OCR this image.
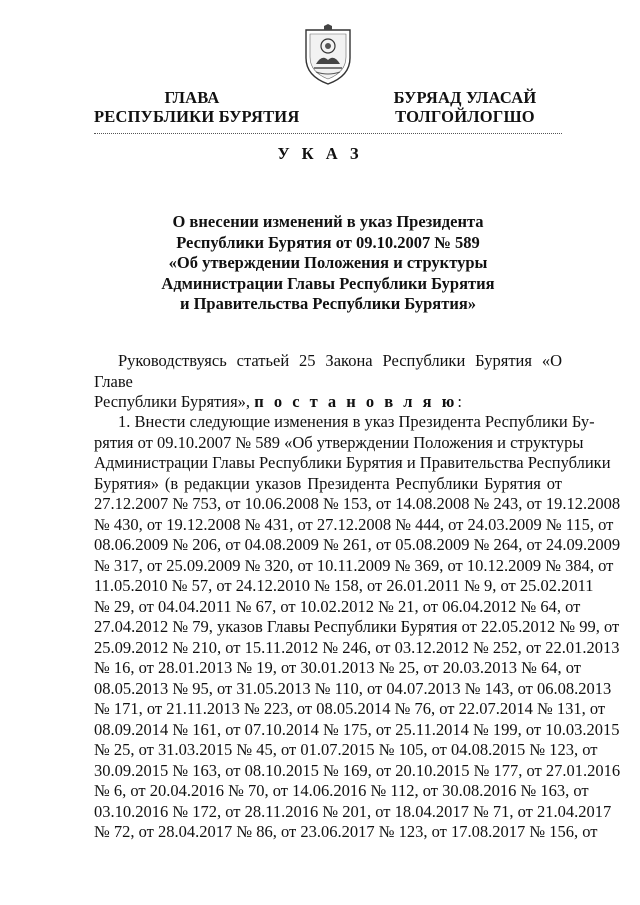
ГЛАВА
РЕСПУБЛИКИ БУРЯТИЯ
БУРЯАД УЛАСАЙ
ТОЛГОЙЛОГШО
У К А З
О внесении изменений в указ Президента
Республики Бурятия от 09.10.2007 № 589
«Об утверждении Положения и структуры
Администрации Главы Республики Бурятия
и Правительства Республики Бурятия»
Руководствуясь статьей 25 Закона Республики Бурятия «О Главе
Республики Бурятия», п о с т а н о в л я ю:
1. Внести следующие изменения в указ Президента Республики Бу-
рятия от 09.10.2007 № 589 «Об утверждении Положения и структуры
Администрации Главы Республики Бурятия и Правительства Республики
Бурятия» (в редакции указов Президента Республики Бурятия от
27.12.2007 № 753, от 10.06.2008 № 153, от 14.08.2008 № 243, от 19.12.2008
№ 430, от 19.12.2008 № 431, от 27.12.2008 № 444, от 24.03.2009 № 115, от
08.06.2009 № 206, от 04.08.2009 № 261, от 05.08.2009 № 264, от 24.09.2009
№ 317, от 25.09.2009 № 320, от 10.11.2009 № 369, от 10.12.2009 № 384, от
11.05.2010 № 57, от 24.12.2010 № 158, от 26.01.2011 № 9, от 25.02.2011
№ 29, от 04.04.2011 № 67, от 10.02.2012 № 21, от 06.04.2012 № 64, от
27.04.2012 № 79, указов Главы Республики Бурятия от 22.05.2012 № 99, от
25.09.2012 № 210, от 15.11.2012 № 246, от 03.12.2012 № 252, от 22.01.2013
№ 16, от 28.01.2013 № 19, от 30.01.2013 № 25, от 20.03.2013 № 64, от
08.05.2013 № 95, от 31.05.2013 № 110, от 04.07.2013 № 143, от 06.08.2013
№ 171, от 21.11.2013 № 223, от 08.05.2014 № 76, от 22.07.2014 № 131, от
08.09.2014 № 161, от 07.10.2014 № 175, от 25.11.2014 № 199, от 10.03.2015
№ 25, от 31.03.2015 № 45, от 01.07.2015 № 105, от 04.08.2015 № 123, от
30.09.2015 № 163, от 08.10.2015 № 169, от 20.10.2015 № 177, от 27.01.2016
№ 6, от 20.04.2016 № 70, от 14.06.2016 № 112, от 30.08.2016 № 163, от
03.10.2016 № 172, от 28.11.2016 № 201, от 18.04.2017 № 71, от 21.04.2017
№ 72, от 28.04.2017 № 86, от 23.06.2017 № 123, от 17.08.2017 № 156, от
